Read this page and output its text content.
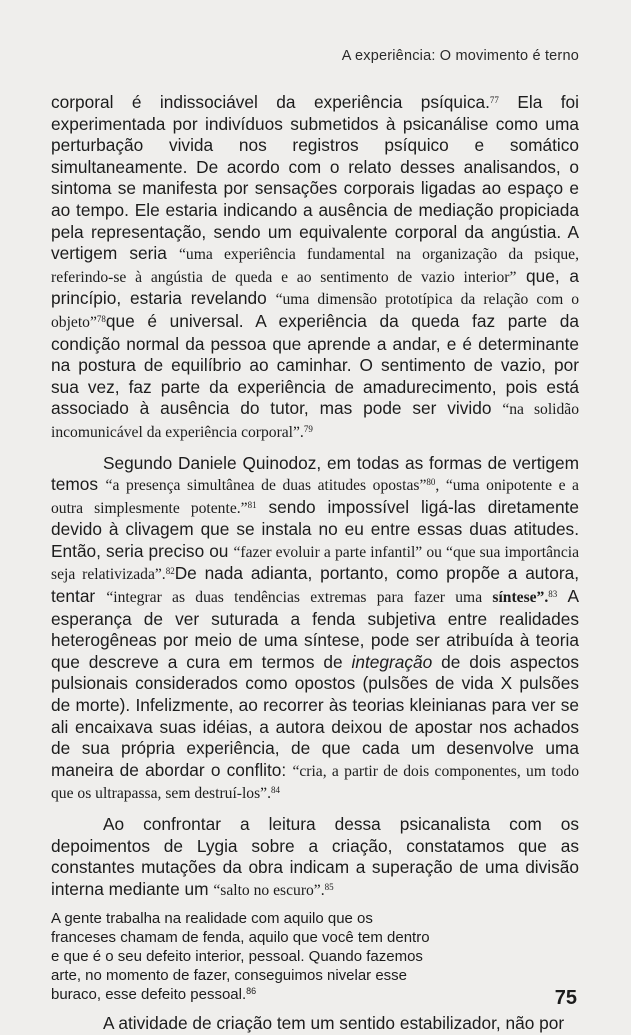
A experiência: O movimento é terno

corporal é indissociável da experiência psíquica.$^{77}$ Ela foi experimentada por indivíduos submetidos à psicanálise como uma perturbação vivida nos registros psíquico e somático simultaneamente. De acordo com o relato desses analisandos, o sintoma se manifesta por sensações corporais ligadas ao espaço e ao tempo. Ele estaria indicando a ausência de mediação propiciada pela representação, sendo um equivalente corporal da angústia. A vertigem seria “uma experiência fundamental na organização da psique, referindo-se à angústia de queda e ao sentimento de vazio interior” que, a princípio, estaria revelando “uma dimensão prototípica da relação com o objeto”$^{78}$que é universal. A experiência da queda faz parte da condição normal da pessoa que aprende a andar, e é determinante na postura de equilíbrio ao caminhar. O sentimento de vazio, por sua vez, faz parte da experiência de amadurecimento, pois está associado à ausência do tutor, mas pode ser vivido “na solidão incomunicável da experiência corporal”.$^{79}$

Segundo Daniele Quinodoz, em todas as formas de vertigem temos “a presença simultânea de duas atitudes opostas”$^{80}$, “uma onipotente e a outra simplesmente potente.”$^{81}$ sendo impossível ligá-las diretamente devido à clivagem que se instala no eu entre essas duas atitudes. Então, seria preciso ou “fazer evoluir a parte infantil” ou “que sua importância seja relativizada”.$^{82}$De nada adianta, portanto, como propõe a autora, tentar “integrar as duas tendências extremas para fazer uma síntese”.$^{83}$ A esperança de ver suturada a fenda subjetiva entre realidades heterogêneas por meio de uma síntese, pode ser atribuída à teoria que descreve a cura em termos de integração de dois aspectos pulsionais considerados como opostos (pulsões de vida X pulsões de morte). Infelizmente, ao recorrer às teorias kleinianas para ver se ali encaixava suas idéias, a autora deixou de apostar nos achados de sua própria experiência, de que cada um desenvolve uma maneira de abordar o conflito: “cria, a partir de dois componentes, um todo que os ultrapassa, sem destruí-los”.$^{84}$

Ao confrontar a leitura dessa psicanalista com os depoimentos de Lygia sobre a criação, constatamos que as constantes mutações da obra indicam a superação de uma divisão interna mediante um “salto no escuro”.$^{85}$

A gente trabalha na realidade com aquilo que os franceses chamam de fenda, aquilo que você tem dentro e que é o seu defeito interior, pessoal. Quando fazemos arte, no momento de fazer, conseguimos nivelar esse buraco, esse defeito pessoal.$^{86}$

A atividade de criação tem um sentido estabilizador, não por

75
